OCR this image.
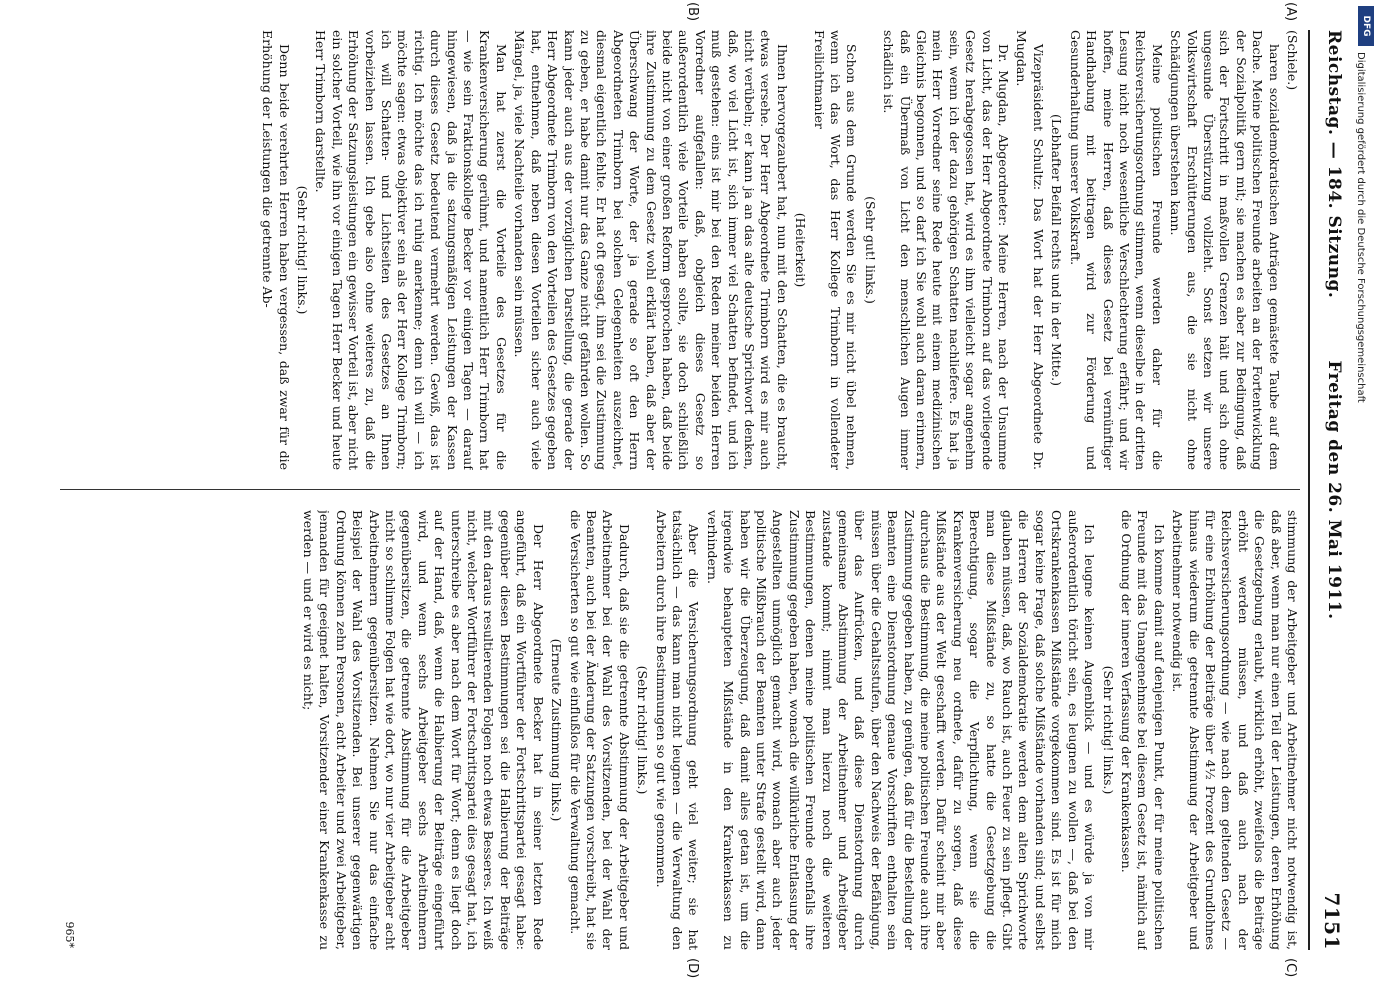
Reichstag. — 184. Sitzung.
Freitag den 26. Mai 1911.
7151
(A)
(B)
(C)
(D)

(Schiele.)

haren sozialdemokratischen Anträgen gemästete Taube auf dem Dache. Meine politischen Freunde arbeiten an der Fortentwicklung der Sozialpolitik gern mit; sie machen es aber zur Bedingung, daß sich der Fortschritt in maßvollen Grenzen hält und sich ohne ungesunde Überstürzung vollzieht. Sonst setzen wir unsere Volkswirtschaft Erschütterungen aus, die sie nicht ohne Schädigungen überstehen kann.

Meine politischen Freunde werden daher für die Reichsversicherungsordnung stimmen, wenn dieselbe in der dritten Lesung nicht noch wesentliche Verschlechterung erfährt; und wir hoffen, meine Herren, daß dieses Gesetz bei vernünftiger Handhabung mit beitragen wird zur Förderung und Gesunderhaltung unserer Volkskraft.

(Lebhafter Beifall rechts und in der Mitte.)

Vizepräsident Schultz: Das Wort hat der Herr Abgeordnete Dr. Mugdan.

Dr. Mugdan, Abgeordneter: Meine Herren, nach der Unsumme von Licht, das der Herr Abgeordnete Trimborn auf das vorliegende Gesetz herabgegossen hat, wird es ihm vielleicht sogar angenehm sein, wenn ich der dazu gehörigen Schatten nachliefere. Es hat ja mein Herr Vorredner seine Rede heute mit einem medizinischen Gleichnis begonnen, und so darf ich Sie wohl auch daran erinnern, daß ein Übermaß von Licht den menschlichen Augen immer schädlich ist.

(Sehr gut! links.)

Schon aus dem Grunde werden Sie es mir nicht übel nehmen, wenn ich das Wort, das Herr Kollege Trimborn in vollendeter Freilichtmanier

(Heiterkeit)

Ihnen hervorgezaubert hat, nun mit den Schatten, die es braucht, etwas versehe. Der Herr Abgeordnete Trimborn wird es mir auch nicht verübeln; er kann ja an das alte deutsche Sprichwort denken, daß, wo viel Licht ist, sich immer viel Schatten befindet, und ich muß gestehen: eins ist mir bei den Reden meiner beiden Herren Vorredner aufgefallen: daß, obgleich dieses Gesetz so außerordentlich viele Vorteile haben sollte, sie doch schließlich beide nicht von einer großen Reform gesprochen haben, daß beide ihre Zustimmung zu dem Gesetz wohl erklärt haben, daß aber der Überschwang der Worte, der ja gerade so oft den Herrn Abgeordneten Trimborn bei solchen Gelegenheiten auszeichnet, diesmal eigentlich fehlte. Er hat oft gesagt, ihm sei die Zustimmung zu geben, er habe damit nur das Ganze nicht gefährden wollen. So kann jeder auch aus der vorzüglichen Darstellung, die gerade der Herr Abgeordnete Trimborn von den Vorteilen des Gesetzes gegeben hat, entnehmen, daß neben diesen Vorteilen sicher auch viele Mängel, ja, viele Nachteile vorhanden sein müssen.

Man hat zuerst die Vorteile des Gesetzes für die Krankenversicherung gerühmt, und namentlich Herr Trimborn hat — wie sein Fraktionskollege Becker vor einigen Tagen — darauf hingewiesen, daß ja die satzungsmäßigen Leistungen der Kassen durch dieses Gesetz bedeutend vermehrt werden. Gewiß, das ist richtig. Ich möchte das ich ruhig anerkenne; denn ich will — ich möchte sagen: etwas objektiver sein als der Herr Kollege Trimborn; ich will Schatten- und Lichtseiten des Gesetzes an Ihnen vorbeiziehen lassen. Ich gebe also ohne weiteres zu, daß die Erhöhung der Satzungsleistungen ein gewisser Vorteil ist, aber nicht ein solcher Vorteil, wie ihn vor einigen Tagen Herr Becker und heute Herr Trimborn darstellte.

(Sehr richtig! links.)

Denn beide verehrten Herren haben vergessen, daß zwar für die Erhöhung der Leistungen die getrennte Ab-

stimmung der Arbeitgeber und Arbeitnehmer nicht notwendig ist, daß aber, wenn man nur einen Teil der Leistungen, deren Erhöhung die Gesetzgebung erlaubt, wirklich erhöht, zweifellos die Beiträge erhöht werden müssen, und daß auch nach der Reichsversicherungsordnung — wie nach dem geltenden Gesetz — für eine Erhöhung der Beiträge über 4½ Prozent des Grundlohnes hinaus wiederum die getrennte Abstimmung der Arbeitgeber und Arbeitnehmer notwendig ist.

Ich komme damit auf denjenigen Punkt, der für meine politischen Freunde mit das Unangenehmste bei diesem Gesetz ist, nämlich auf die Ordnung der inneren Verfassung der Krankenkassen.

(Sehr richtig! links.)

Ich leugne keinen Augenblick — und es würde ja von mir außerordentlich töricht sein, es leugnen zu wollen —, daß bei den Ortskrankenkassen Mißstände vorgekommen sind. Es ist für mich sogar keine Frage, daß solche Mißstände vorhanden sind; und selbst die Herren der Sozialdemokratie werden dem alten Sprichworte glauben müssen, daß, wo Rauch ist, auch Feuer zu sein pflegt. Gibt man diese Mißstände zu, so hatte die Gesetzgebung die Berechtigung, sogar die Verpflichtung, wenn sie die Krankenversicherung neu ordnete, dafür zu sorgen, daß diese Mißstände aus der Welt geschafft werden. Dafür scheint mir aber durchaus die Bestimmung, die meine politischen Freunde auch ihre Zustimmung gegeben haben, zu genügen, daß für die Bestellung der Beamten eine Dienstordnung genaue Vorschriften enthalten sein müssen über die Gehaltsstufen, über den Nachweis der Befähigung, über das Aufrücken, und daß diese Dienstordnung durch gemeinsame Abstimmung der Arbeitnehmer und Arbeitgeber zustande kommt; nimmt man hierzu noch die weiteren Bestimmungen, denen meine politischen Freunde ebenfalls ihre Zustimmung gegeben haben, wonach die willkürliche Entlassung der Angestellten unmöglich gemacht wird, wonach aber auch jeder politische Mißbrauch der Beamten unter Strafe gestellt wird, dann haben wir die Überzeugung, daß damit alles getan ist, um die irgendwie behaupteten Mißstände in den Krankenkassen zu verhindern.

Aber die Versicherungsordnung geht viel weiter; sie hat tatsächlich — das kann man nicht leugnen — die Verwaltung den Arbeitern durch ihre Bestimmungen so gut wie genommen.

(Sehr richtig! links.)

Dadurch, daß sie die getrennte Abstimmung der Arbeitgeber und Arbeitnehmer bei der Wahl des Vorsitzenden, bei der Wahl der Beamten, auch bei der Änderung der Satzungen vorschreibt, hat sie die Versicherten so gut wie einflußlos für die Verwaltung gemacht.

(Erneute Zustimmung links.)

Der Herr Abgeordnete Becker hat in seiner letzten Rede angeführt, daß ein Wortführer der Fortschrittspartei gesagt habe: gegenüber diesen Bestimmungen sei die Halbierung der Beiträge mit den daraus resultierenden Folgen noch etwas Besseres. Ich weiß nicht, welcher Wortführer der Fortschrittspartei dies gesagt hat, ich unterschreibe es aber nach dem Wort für Wort; denn es liegt doch auf der Hand, daß, wenn die Halbierung der Beiträge eingeführt wird, und wenn sechs Arbeitgeber sechs Arbeitnehmern gegenübersitzen, die getrennte Abstimmung für die Arbeitgeber nicht so schlimme Folgen hat wie dort, wo nur vier Arbeitgeber acht Arbeitnehmern gegenübersitzen. Nehmen Sie nur das einfache Beispiel der Wahl des Vorsitzenden. Bei unserer gegenwärtigen Ordnung können zehn Personen, acht Arbeiter und zwei Arbeitgeber, jemanden für geeignet halten, Vorsitzender einer Krankenkasse zu werden — und er wird es nicht;

965*
DFG
Digitalisierung gefördert durch die Deutsche Forschungsgemeinschaft
